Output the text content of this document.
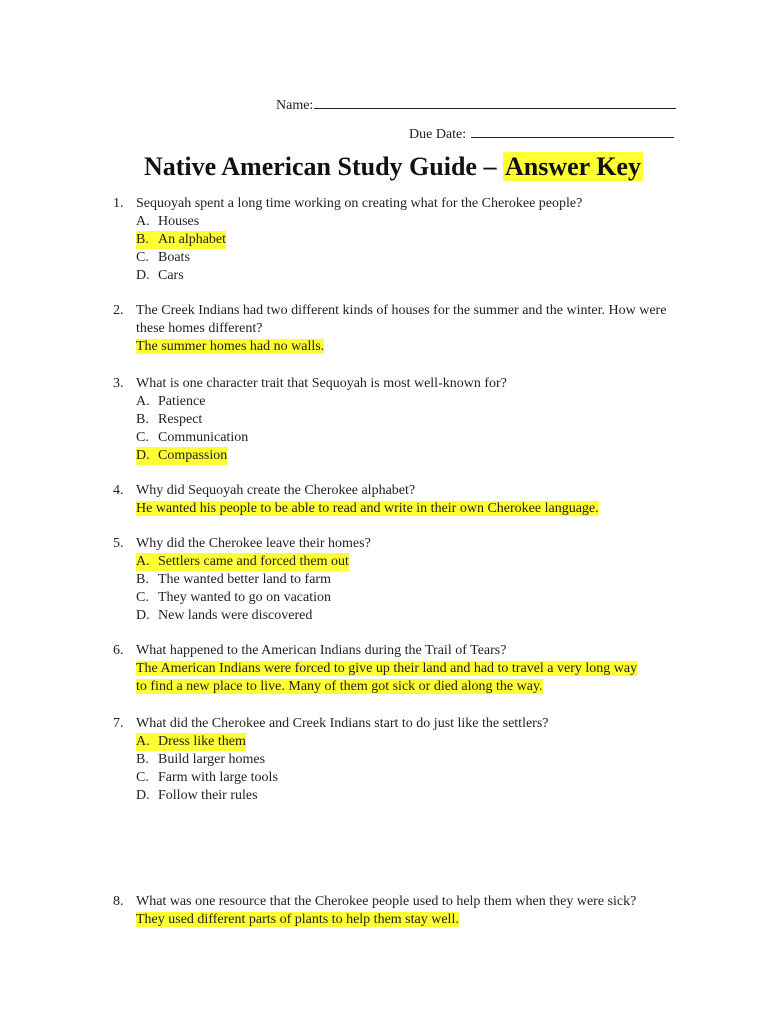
Name:
Due Date:
Native American Study Guide – Answer Key
1. Sequoyah spent a long time working on creating what for the Cherokee people?
A. Houses
B. An alphabet
C. Boats
D. Cars
2. The Creek Indians had two different kinds of houses for the summer and the winter. How were these homes different?
The summer homes had no walls.
3. What is one character trait that Sequoyah is most well-known for?
A. Patience
B. Respect
C. Communication
D. Compassion
4. Why did Sequoyah create the Cherokee alphabet?
He wanted his people to be able to read and write in their own Cherokee language.
5. Why did the Cherokee leave their homes?
A. Settlers came and forced them out
B. The wanted better land to farm
C. They wanted to go on vacation
D. New lands were discovered
6. What happened to the American Indians during the Trail of Tears?
The American Indians were forced to give up their land and had to travel a very long way
to find a new place to live. Many of them got sick or died along the way.
7. What did the Cherokee and Creek Indians start to do just like the settlers?
A. Dress like them
B. Build larger homes
C. Farm with large tools
D. Follow their rules
8. What was one resource that the Cherokee people used to help them when they were sick?
They used different parts of plants to help them stay well.
